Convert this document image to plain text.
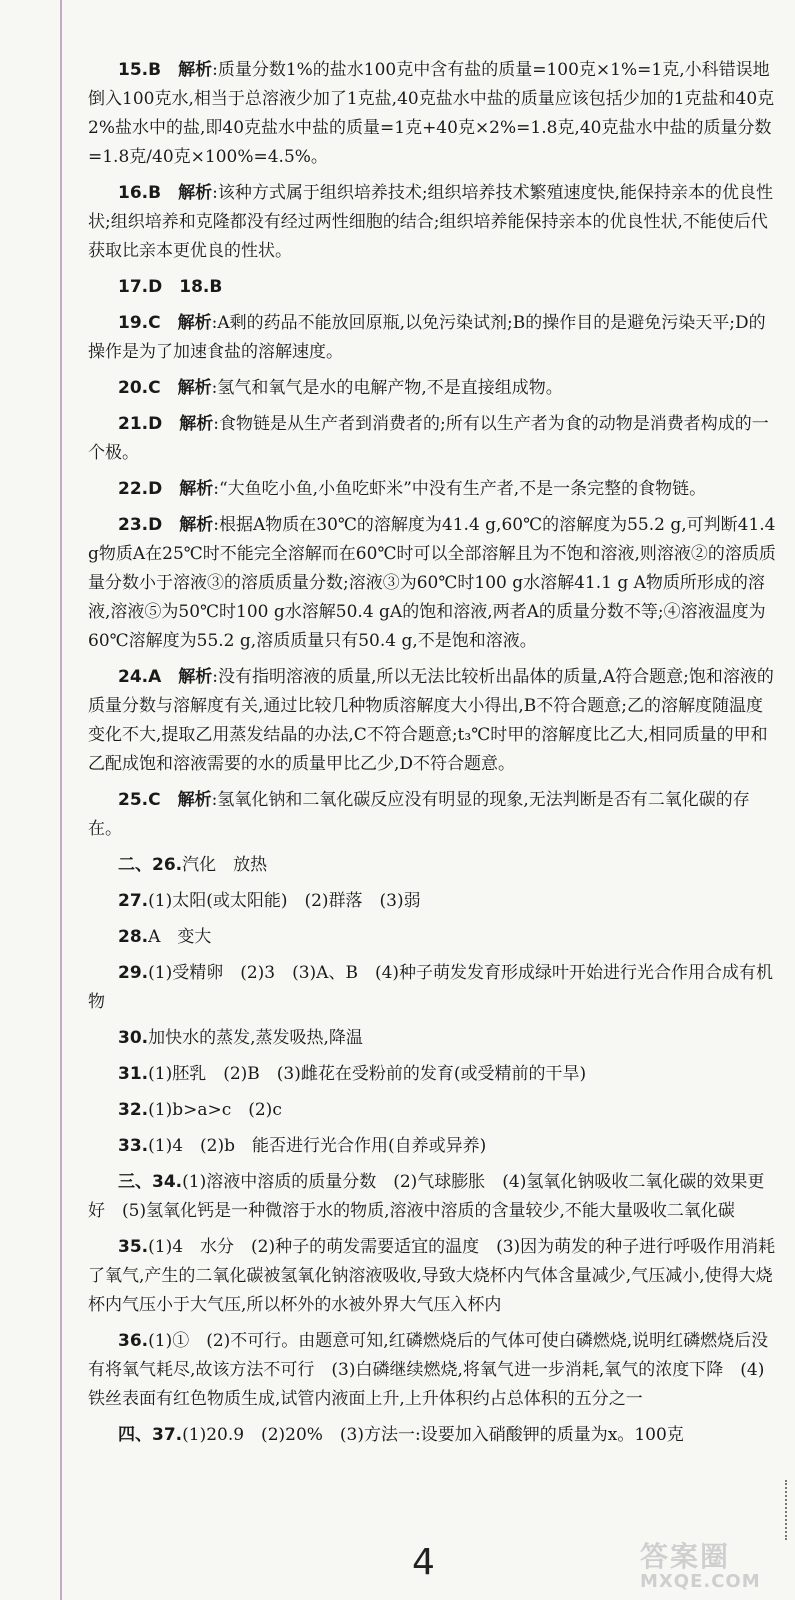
15.B　 解析:质量分数1%的盐水100克中含有盐的质量=100克×1%=1克,小科错误地倒入100克水,相当于总溶液少加了1克盐,40克盐水中盐的质量应该包括少加的1克盐和40克2%盐水中的盐,即40克盐水中盐的质量=1克+40克×2%=1.8克,40克盐水中盐的质量分数=1.8克/40克×100%=4.5%。
16.B　 解析:该种方式属于组织培养技术;组织培养技术繁殖速度快,能保持亲本的优良性状;组织培养和克隆都没有经过两性细胞的结合;组织培养能保持亲本的优良性状,不能使后代获取比亲本更优良的性状。
17.D　 18.B
19.C　 解析:A剩的药品不能放回原瓶,以免污染试剂;B的操作目的是避免污染天平;D的操作是为了加速食盐的溶解速度。
20.C　 解析:氢气和氧气是水的电解产物,不是直接组成物。
21.D　 解析:食物链是从生产者到消费者的;所有以生产者为食的动物是消费者构成的一个极。
22.D　 解析:“大鱼吃小鱼,小鱼吃虾米”中没有生产者,不是一条完整的食物链。
23.D　 解析:根据A物质在30℃的溶解度为41.4 g,60℃的溶解度为55.2 g,可判断41.4 g物质A在25℃时不能完全溶解而在60℃时可以全部溶解且为不饱和溶液,则溶液②的溶质质量分数小于溶液③的溶质质量分数;溶液③为60℃时100 g水溶解41.1 g A物质所形成的溶液,溶液⑤为50℃时100 g水溶解50.4 gA的饱和溶液,两者A的质量分数不等;④溶液温度为60℃溶解度为55.2 g,溶质质量只有50.4 g,不是饱和溶液。
24.A　 解析:没有指明溶液的质量,所以无法比较析出晶体的质量,A符合题意;饱和溶液的质量分数与溶解度有关,通过比较几种物质溶解度大小得出,B不符合题意;乙的溶解度随温度变化不大,提取乙用蒸发结晶的办法,C不符合题意;t₃℃时甲的溶解度比乙大,相同质量的甲和乙配成饱和溶液需要的水的质量甲比乙少,D不符合题意。
25.C　 解析:氢氧化钠和二氧化碳反应没有明显的现象,无法判断是否有二氧化碳的存在。
二、26.汽化　放热
27.(1)太阳(或太阳能)　(2)群落　(3)弱
28.A　变大
29.(1)受精卵　(2)3　(3)A、B　(4)种子萌发发育形成绿叶开始进行光合作用合成有机物
30.加快水的蒸发,蒸发吸热,降温
31.(1)胚乳　(2)B　(3)雌花在受粉前的发育(或受精前的干旱)
32.(1)b>a>c　(2)c
33.(1)4　(2)b　能否进行光合作用(自养或异养)
三、34.(1)溶液中溶质的质量分数　(2)气球膨胀　(4)氢氧化钠吸收二氧化碳的效果更好　(5)氢氧化钙是一种微溶于水的物质,溶液中溶质的含量较少,不能大量吸收二氧化碳
35.(1)4　水分　(2)种子的萌发需要适宜的温度　(3)因为萌发的种子进行呼吸作用消耗了氧气,产生的二氧化碳被氢氧化钠溶液吸收,导致大烧杯内气体含量减少,气压减小,使得大烧杯内气压小于大气压,所以杯外的水被外界大气压入杯内
36.(1)①　(2)不可行。由题意可知,红磷燃烧后的气体可使白磷燃烧,说明红磷燃烧后没有将氧气耗尽,故该方法不可行　(3)白磷继续燃烧,将氧气进一步消耗,氧气的浓度下降　(4)铁丝表面有红色物质生成,试管内液面上升,上升体积约占总体积的五分之一
四、37.(1)20.9　(2)20%　(3)方法一:设要加入硝酸钾的质量为x。100克
4	答案圈
MXQE.COM
